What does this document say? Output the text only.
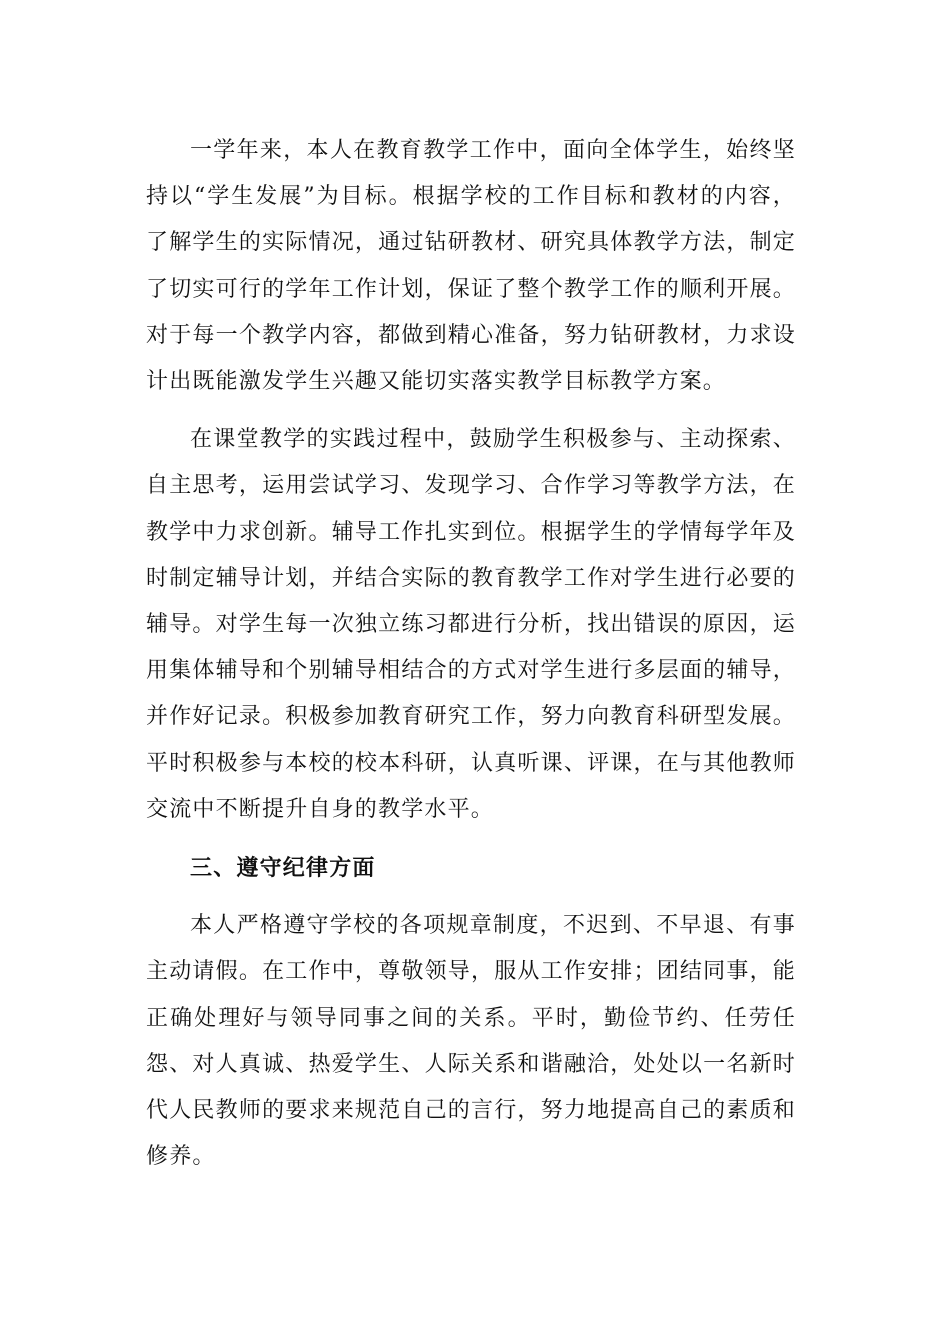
一学年来，本人在教育教学工作中，面向全体学生，始终坚持以“学生发展”为目标。根据学校的工作目标和教材的内容，了解学生的实际情况，通过钻研教材、研究具体教学方法，制定了切实可行的学年工作计划，保证了整个教学工作的顺利开展。对于每一个教学内容，都做到精心准备，努力钻研教材，力求设计出既能激发学生兴趣又能切实落实教学目标教学方案。

在课堂教学的实践过程中，鼓励学生积极参与、主动探索、自主思考，运用尝试学习、发现学习、合作学习等教学方法，在教学中力求创新。辅导工作扎实到位。根据学生的学情每学年及时制定辅导计划，并结合实际的教育教学工作对学生进行必要的辅导。对学生每一次独立练习都进行分析，找出错误的原因，运用集体辅导和个别辅导相结合的方式对学生进行多层面的辅导，并作好记录。积极参加教育研究工作，努力向教育科研型发展。平时积极参与本校的校本科研，认真听课、评课，在与其他教师交流中不断提升自身的教学水平。

三、遵守纪律方面

本人严格遵守学校的各项规章制度，不迟到、不早退、有事主动请假。在工作中，尊敬领导，服从工作安排；团结同事，能正确处理好与领导同事之间的关系。平时，勤俭节约、任劳任怨、对人真诚、热爱学生、人际关系和谐融洽，处处以一名新时代人民教师的要求来规范自己的言行，努力地提高自己的素质和修养。
